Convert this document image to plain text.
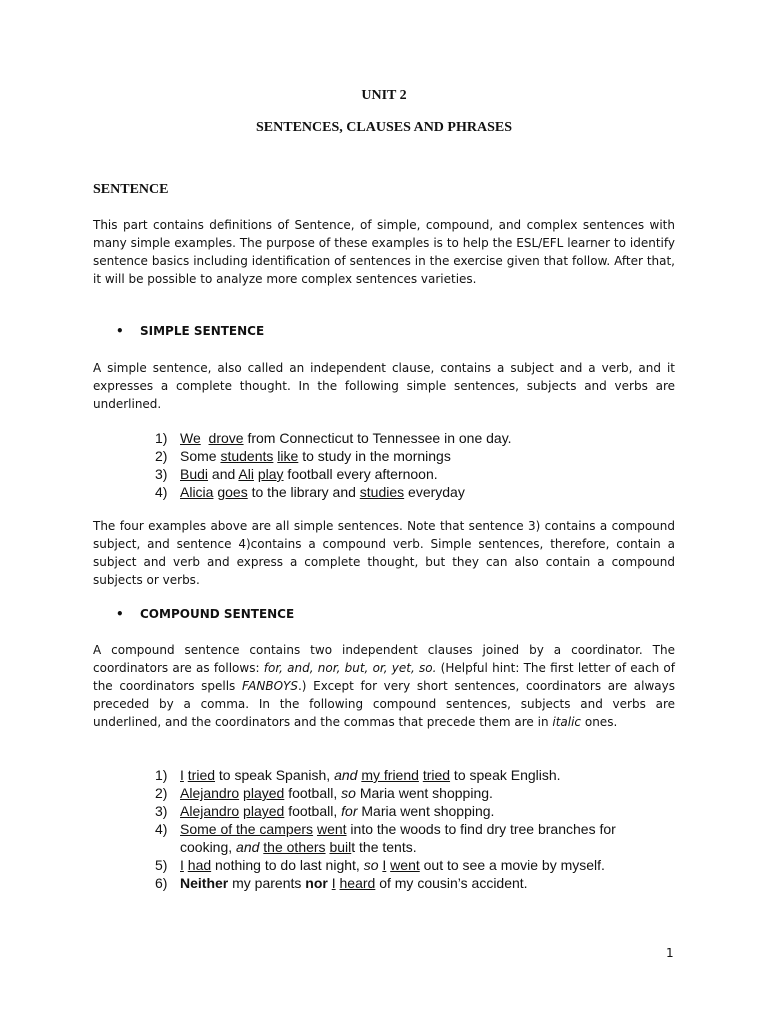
UNIT 2
SENTENCES, CLAUSES AND PHRASES
SENTENCE
This part contains definitions of Sentence, of simple, compound, and complex sentences with many simple examples. The purpose of these examples is to help the ESL/EFL learner to identify sentence basics including identification of sentences in the exercise given that follow. After that, it will be possible to analyze more complex sentences varieties.
• SIMPLE SENTENCE
A simple sentence, also called an independent clause, contains a subject and a verb, and it expresses a complete thought. In the following simple sentences, subjects and verbs are underlined.
1) We drove from Connecticut to Tennessee in one day.
2) Some students like to study in the mornings
3) Budi and Ali play football every afternoon.
4) Alicia goes to the library and studies everyday
The four examples above are all simple sentences. Note that sentence 3) contains a compound subject, and sentence 4)contains a compound verb. Simple sentences, therefore, contain a subject and verb and express a complete thought, but they can also contain a compound subjects or verbs.
• COMPOUND SENTENCE
A compound sentence contains two independent clauses joined by a coordinator. The coordinators are as follows: for, and, nor, but, or, yet, so. (Helpful hint: The first letter of each of the coordinators spells FANBOYS.) Except for very short sentences, coordinators are always preceded by a comma. In the following compound sentences, subjects and verbs are underlined, and the coordinators and the commas that precede them are in italic ones.
1) I tried to speak Spanish, and my friend tried to speak English.
2) Alejandro played football, so Maria went shopping.
3) Alejandro played football, for Maria went shopping.
4) Some of the campers went into the woods to find dry tree branches for
cooking, and the others built the tents.
5) I had nothing to do last night, so I went out to see a movie by myself.
6) Neither my parents nor I heard of my cousin’s accident.
1
